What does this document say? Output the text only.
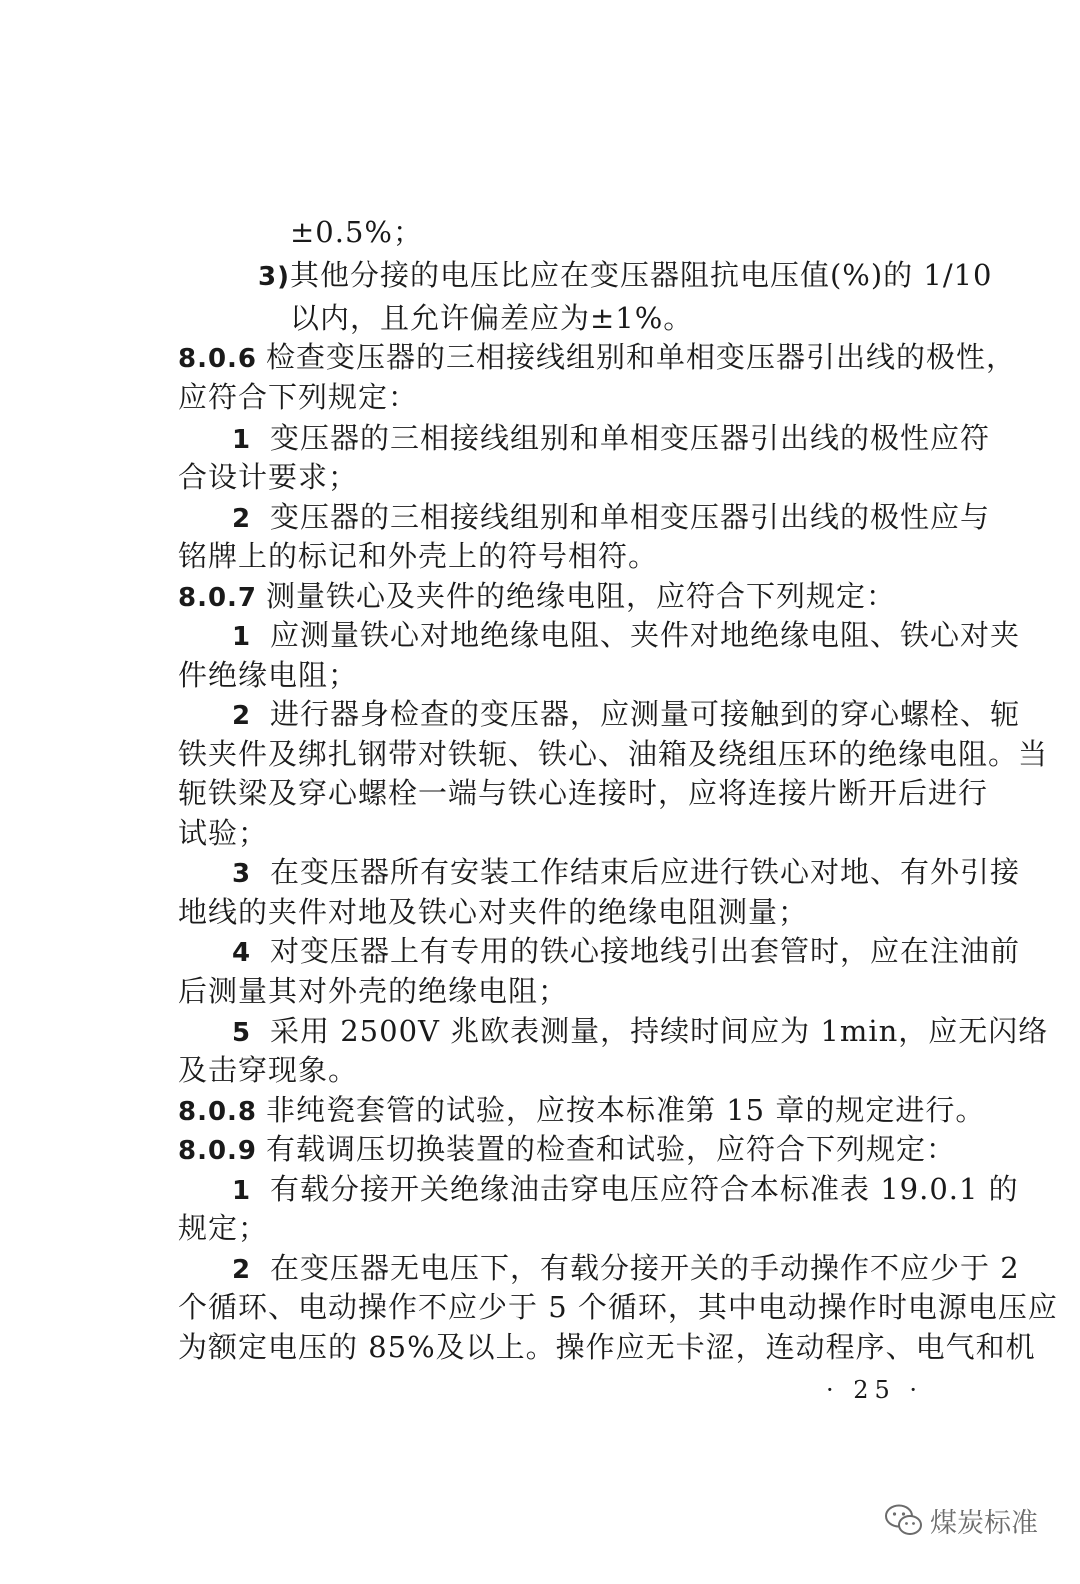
±0.5%；
3)其他分接的电压比应在变压器阻抗电压值(%)的 1/10
以内，且允许偏差应为±1%。
8.0.6 检查变压器的三相接线组别和单相变压器引出线的极性，
应符合下列规定：
1 变压器的三相接线组别和单相变压器引出线的极性应符
合设计要求；
2 变压器的三相接线组别和单相变压器引出线的极性应与
铭牌上的标记和外壳上的符号相符。
8.0.7 测量铁心及夹件的绝缘电阻，应符合下列规定：
1 应测量铁心对地绝缘电阻、夹件对地绝缘电阻、铁心对夹
件绝缘电阻；
2 进行器身检查的变压器，应测量可接触到的穿心螺栓、轭
铁夹件及绑扎钢带对铁轭、铁心、油箱及绕组压环的绝缘电阻。当
轭铁梁及穿心螺栓一端与铁心连接时，应将连接片断开后进行
试验；
3 在变压器所有安装工作结束后应进行铁心对地、有外引接
地线的夹件对地及铁心对夹件的绝缘电阻测量；
4 对变压器上有专用的铁心接地线引出套管时，应在注油前
后测量其对外壳的绝缘电阻；
5 采用 2500V 兆欧表测量，持续时间应为 1min，应无闪络
及击穿现象。
8.0.8 非纯瓷套管的试验，应按本标准第 15 章的规定进行。
8.0.9 有载调压切换装置的检查和试验，应符合下列规定：
1 有载分接开关绝缘油击穿电压应符合本标准表 19.0.1 的
规定；
2 在变压器无电压下，有载分接开关的手动操作不应少于 2
个循环、电动操作不应少于 5 个循环，其中电动操作时电源电压应
为额定电压的 85%及以上。操作应无卡涩，连动程序、电气和机
· 25 ·
煤炭标准
